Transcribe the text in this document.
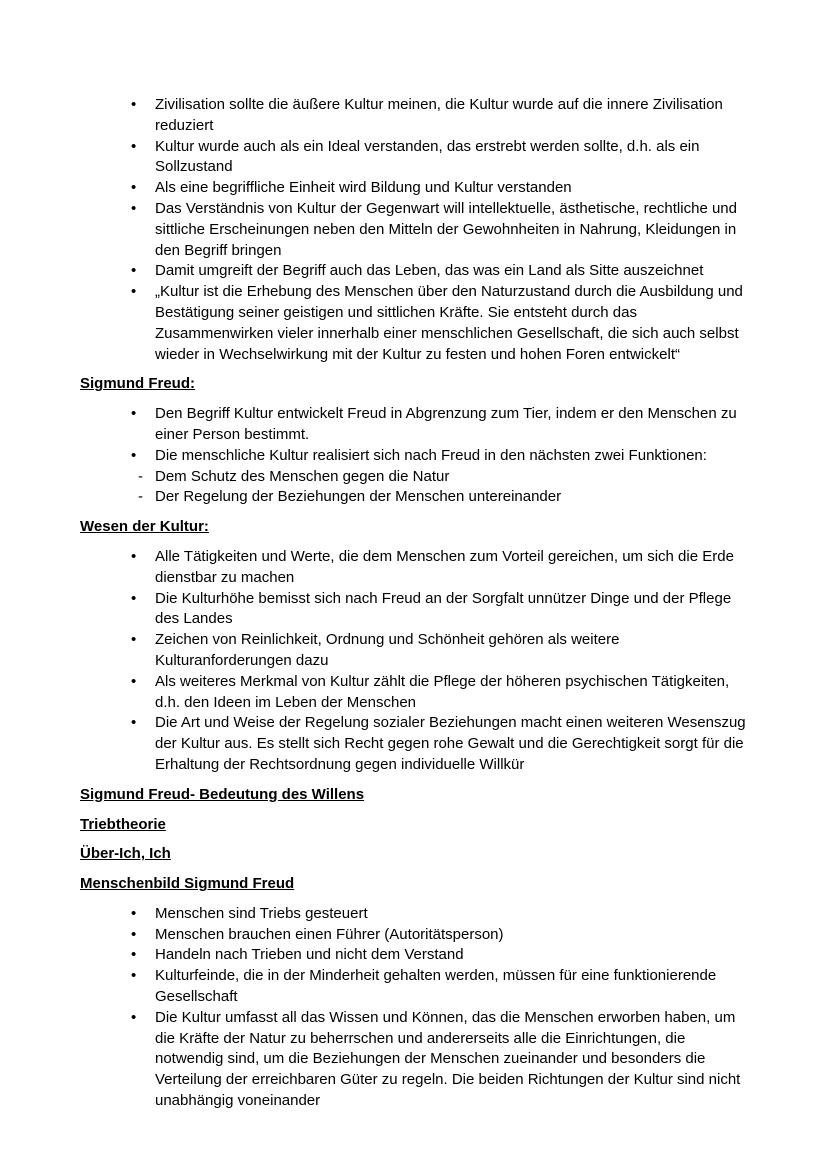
• Zivilisation sollte die äußere Kultur meinen, die Kultur wurde auf die innere Zivilisation reduziert
• Kultur wurde auch als ein Ideal verstanden, das erstrebt werden sollte, d.h. als ein Sollzustand
• Als eine begriffliche Einheit wird Bildung und Kultur verstanden
• Das Verständnis von Kultur der Gegenwart will intellektuelle, ästhetische, rechtliche und sittliche Erscheinungen neben den Mitteln der Gewohnheiten in Nahrung, Kleidungen in den Begriff bringen
• Damit umgreift der Begriff auch das Leben, das was ein Land als Sitte auszeichnet
• „Kultur ist die Erhebung des Menschen über den Naturzustand durch die Ausbildung und Bestätigung seiner geistigen und sittlichen Kräfte. Sie entsteht durch das Zusammenwirken vieler innerhalb einer menschlichen Gesellschaft, die sich auch selbst wieder in Wechselwirkung mit der Kultur zu festen und hohen Foren entwickelt“

Sigmund Freud:

• Den Begriff Kultur entwickelt Freud in Abgrenzung zum Tier, indem er den Menschen zu einer Person bestimmt.
• Die menschliche Kultur realisiert sich nach Freud in den nächsten zwei Funktionen:
- Dem Schutz des Menschen gegen die Natur
- Der Regelung der Beziehungen der Menschen untereinander

Wesen der Kultur:

• Alle Tätigkeiten und Werte, die dem Menschen zum Vorteil gereichen, um sich die Erde dienstbar zu machen
• Die Kulturhöhe bemisst sich nach Freud an der Sorgfalt unnützer Dinge und der Pflege des Landes
• Zeichen von Reinlichkeit, Ordnung und Schönheit gehören als weitere Kulturanforderungen dazu
• Als weiteres Merkmal von Kultur zählt die Pflege der höheren psychischen Tätigkeiten, d.h. den Ideen im Leben der Menschen
• Die Art und Weise der Regelung sozialer Beziehungen macht einen weiteren Wesenszug der Kultur aus. Es stellt sich Recht gegen rohe Gewalt und die Gerechtigkeit sorgt für die Erhaltung der Rechtsordnung gegen individuelle Willkür

Sigmund Freud- Bedeutung des Willens

Triebtheorie

Über-Ich, Ich

Menschenbild Sigmund Freud

• Menschen sind Triebs gesteuert
• Menschen brauchen einen Führer (Autoritätsperson)
• Handeln nach Trieben und nicht dem Verstand
• Kulturfeinde, die in der Minderheit gehalten werden, müssen für eine funktionierende Gesellschaft
• Die Kultur umfasst all das Wissen und Können, das die Menschen erworben haben, um die Kräfte der Natur zu beherrschen und andererseits alle die Einrichtungen, die notwendig sind, um die Beziehungen der Menschen zueinander und besonders die Verteilung der erreichbaren Güter zu regeln. Die beiden Richtungen der Kultur sind nicht unabhängig voneinander
